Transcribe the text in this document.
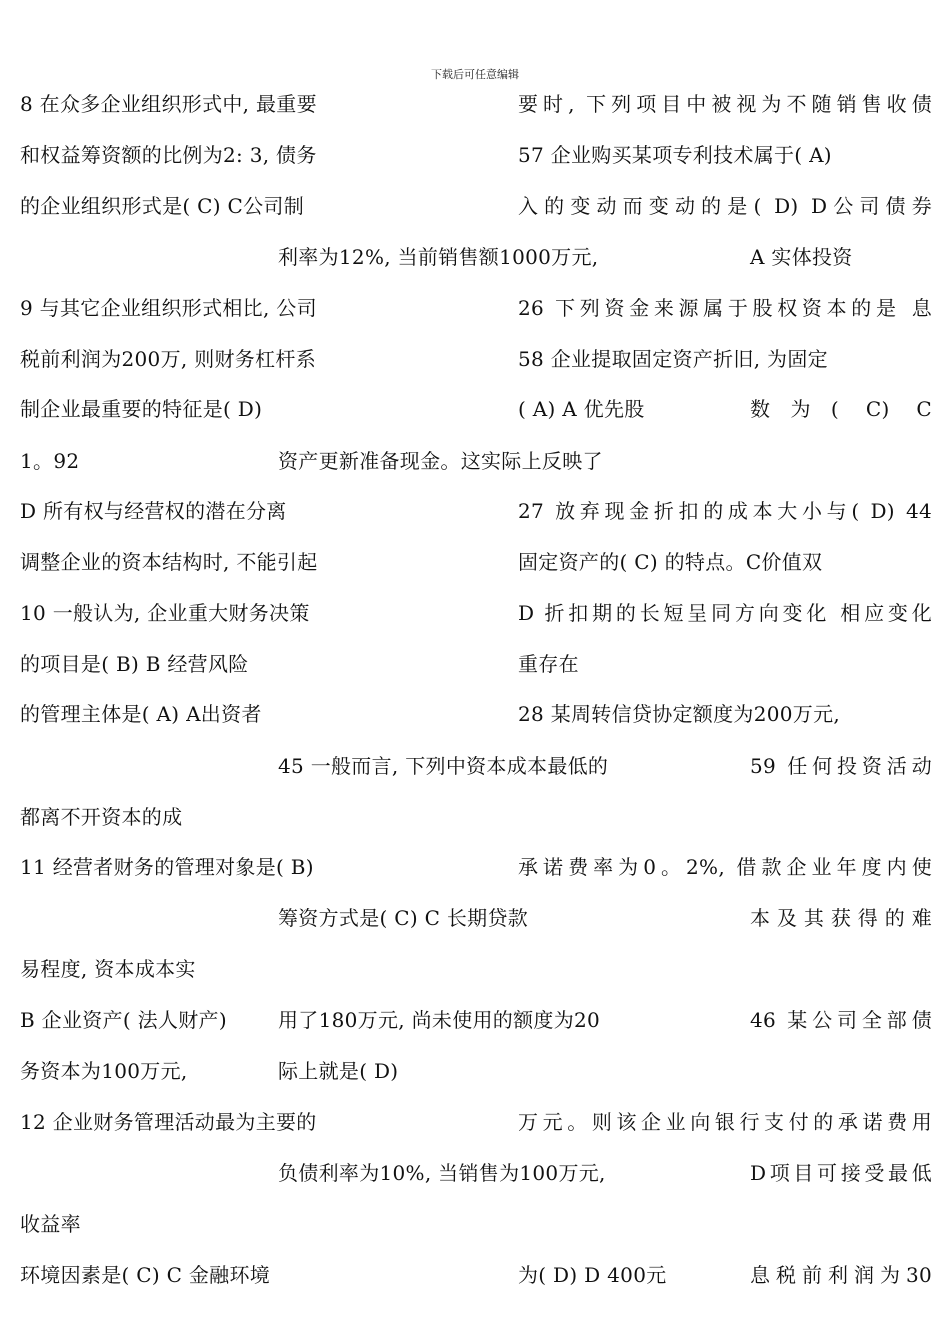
下载后可任意编辑
8 在众多企业组织形式中, 最重要	要时, 下列项目中被视为不随销售收债
和权益筹资额的比例为2: 3, 债务	57 企业购买某项专利技术属于( A)
的企业组织形式是( C) C公司制	入的变动而变动的是( D) D公司债券
利率为12%, 当前销售额1000万元,	A 实体投资
9 与其它企业组织形式相比, 公司	26 下列资金来源属于股权资本的是 息
税前利润为200万, 则财务杠杆系	58 企业提取固定资产折旧, 为固定
制企业最重要的特征是( D)	( A) A 优先股	数为( C) C
1。92	资产更新准备现金。这实际上反映了
D 所有权与经营权的潜在分离	27 放弃现金折扣的成本大小与( D) 44
调整企业的资本结构时, 不能引起	固定资产的( C) 的特点。C价值双
10 一般认为, 企业重大财务决策	D 折扣期的长短呈同方向变化 相应变化
的项目是( B) B 经营风险	重存在
的管理主体是( A) A出资者	28 某周转信贷协定额度为200万元,
45 一般而言, 下列中资本成本最低的	59 任何投资活动
都离不开资本的成
11 经营者财务的管理对象是( B)	承诺费率为0。2%, 借款企业年度内使
筹资方式是( C) C 长期贷款	本及其获得的难
易程度, 资本成本实
B 企业资产( 法人财产)	用了180万元, 尚未使用的额度为20	46 某公司全部债
务资本为100万元,	际上就是( D)
12 企业财务管理活动最为主要的	万元。则该企业向银行支付的承诺费用
负债利率为10%, 当销售为100万元,	D项目可接受最低
收益率
环境因素是( C) C 金融环境	为( D) D 400元	息税前利润为30
